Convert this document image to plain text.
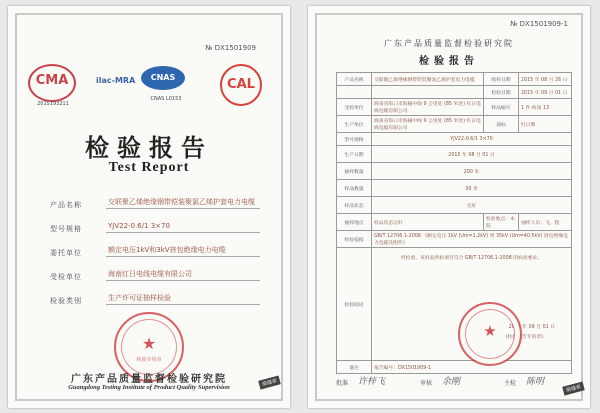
№ DX1501909
CMA
2015193211
ilac-MRA	CNAS
CNAS L0153
CAL
检验报告
Test Report
产品名称	交联聚乙烯绝缘钢带铠装聚氯乙烯护套电力电缆
型号规格	YJV22-0.6/1 3×70
委托单位	额定电压1kV和3kV挤包绝缘电力电缆
受检单位	海南红日电线电缆有限公司
检验类别	生产许可证抽样检验
★
检验专用章
广东产品质量监督检验研究院
Guangdong Testing Institute of Product Quality Supervision	骑缝章
№ DX1501909-1
广东产品质量监督检验研究院
检验报告
产品名称	交联聚乙烯绝缘钢带铠装聚氯乙烯护套电力电缆	收样日期	2015 年 08 月 26 日
		检验日期	2015 年 09 月 01 日
受检单位	海南省海口市海榆中线 9 公里处 (85 米处) 红日电线电缆有限公司	样品编号	1 件·海南 13
生产单位	海南省海口市海榆中线 9 公里处 (85 米处) 红日电线电缆有限公司	商标	红日牌
型号规格	YJV22-0.6/1 3×70		
生产日期	2015 年 08 月 01 日		
抽样数量	200 米		
样品数量	30 米		
样品状态	完好		
抽样地点	样品状态完好	检验地点：本院	抽样人员：飞、程
检验依据	GB/T 12706.1-2008 《额定电压 1kV (Um=1.2kV) 到 35kV (Um=40.5kV) 挤包绝缘电力电缆及附件》		
检验结论	经检验，该样品所检项目符合 GB/T 12706.1-2008 的标准要求。
2015 年 09 月 01 日
(检验报告专用章)		

备注	报告编号：DX1501909-1		
★
批准 许梓飞	审核 余刚	主检 陈明
骑缝章
